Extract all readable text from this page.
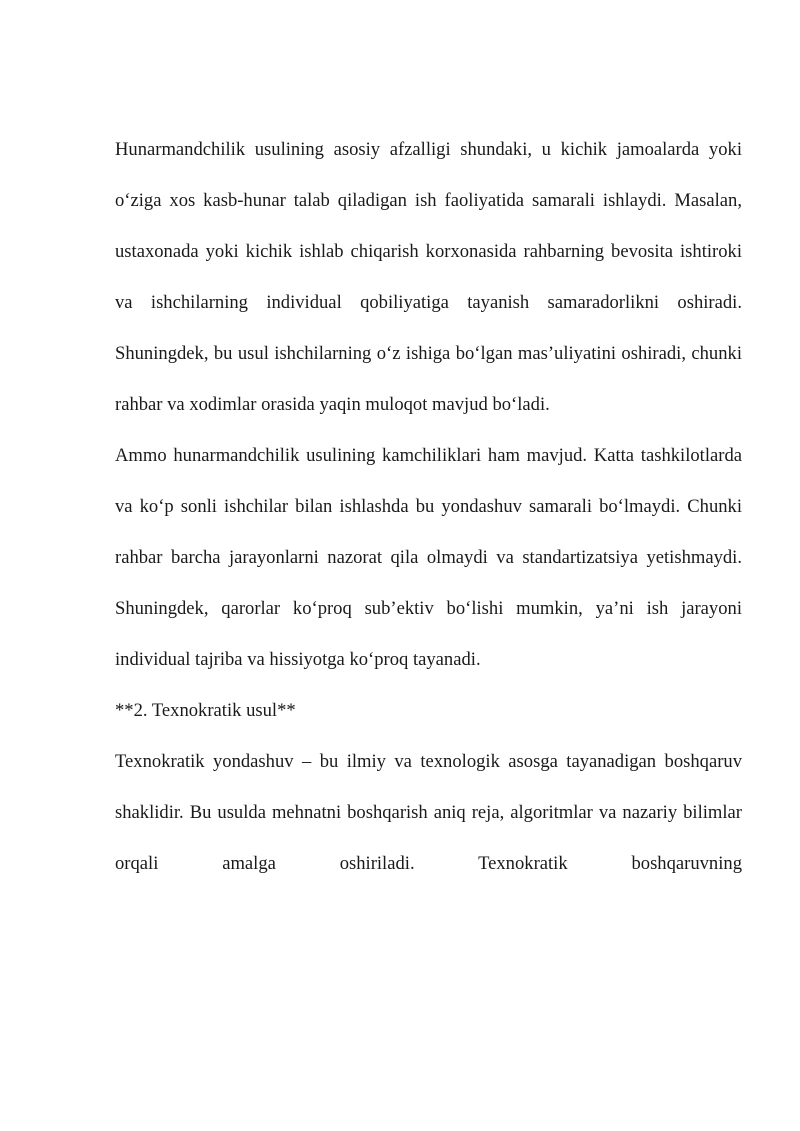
Hunarmandchilik usulining asosiy afzalligi shundaki, u kichik jamoalarda yoki o‘ziga xos kasb-hunar talab qiladigan ish faoliyatida samarali ishlaydi. Masalan, ustaxonada yoki kichik ishlab chiqarish korxonasida rahbarning bevosita ishtiroki va ishchilarning individual qobiliyatiga tayanish samaradorlikni oshiradi. Shuningdek, bu usul ishchilarning o‘z ishiga bo‘lgan mas’uliyatini oshiradi, chunki rahbar va xodimlar orasida yaqin muloqot mavjud bo‘ladi.

Ammo hunarmandchilik usulining kamchiliklari ham mavjud. Katta tashkilotlarda va ko‘p sonli ishchilar bilan ishlashda bu yondashuv samarali bo‘lmaydi. Chunki rahbar barcha jarayonlarni nazorat qila olmaydi va standartizatsiya yetishmaydi. Shuningdek, qarorlar ko‘proq sub’ektiv bo‘lishi mumkin, ya’ni ish jarayoni individual tajriba va hissiyotga ko‘proq tayanadi.

**2. Texnokratik usul**

Texnokratik yondashuv – bu ilmiy va texnologik asosga tayanadigan boshqaruv shaklidir. Bu usulda mehnatni boshqarish aniq reja, algoritmlar va nazariy bilimlar orqali amalga oshiriladi. Texnokratik boshqaruvning
